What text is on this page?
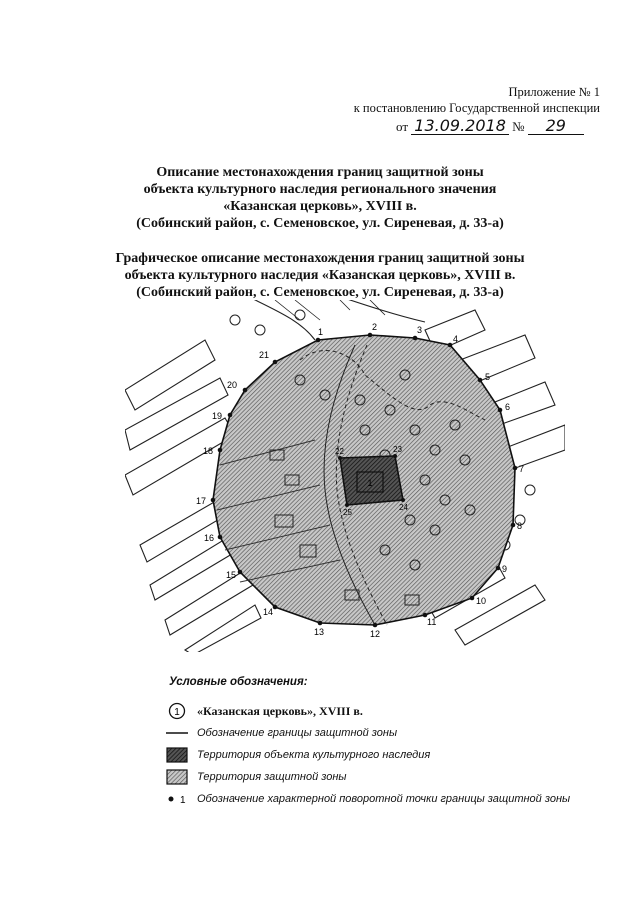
Приложение № 1
к постановлению Государственной инспекции
от 13.09.2018 № 29
Описание местонахождения границ защитной зоны
объекта культурного наследия регионального значения
«Казанская церковь», XVIII в.
(Собинский район, с. Семеновское, ул. Сиреневая, д. 33-а)
Графическое описание местонахождения границ защитной зоны
объекта культурного наследия «Казанская церковь», XVIII в.
(Собинский район, с. Семеновское, ул. Сиреневая, д. 33-а)
1
1	2	3
4
5
6
7
8
9
10
11
12
13
14
15
16
17
18
19
20
21
22	23
24
25
Условные обозначения:
1 «Казанская церковь», XVIII в.
Обозначение границы защитной зоны
Территория объекта культурного наследия
Территория защитной зоны
1 Обозначение характерной поворотной точки границы защитной зоны
